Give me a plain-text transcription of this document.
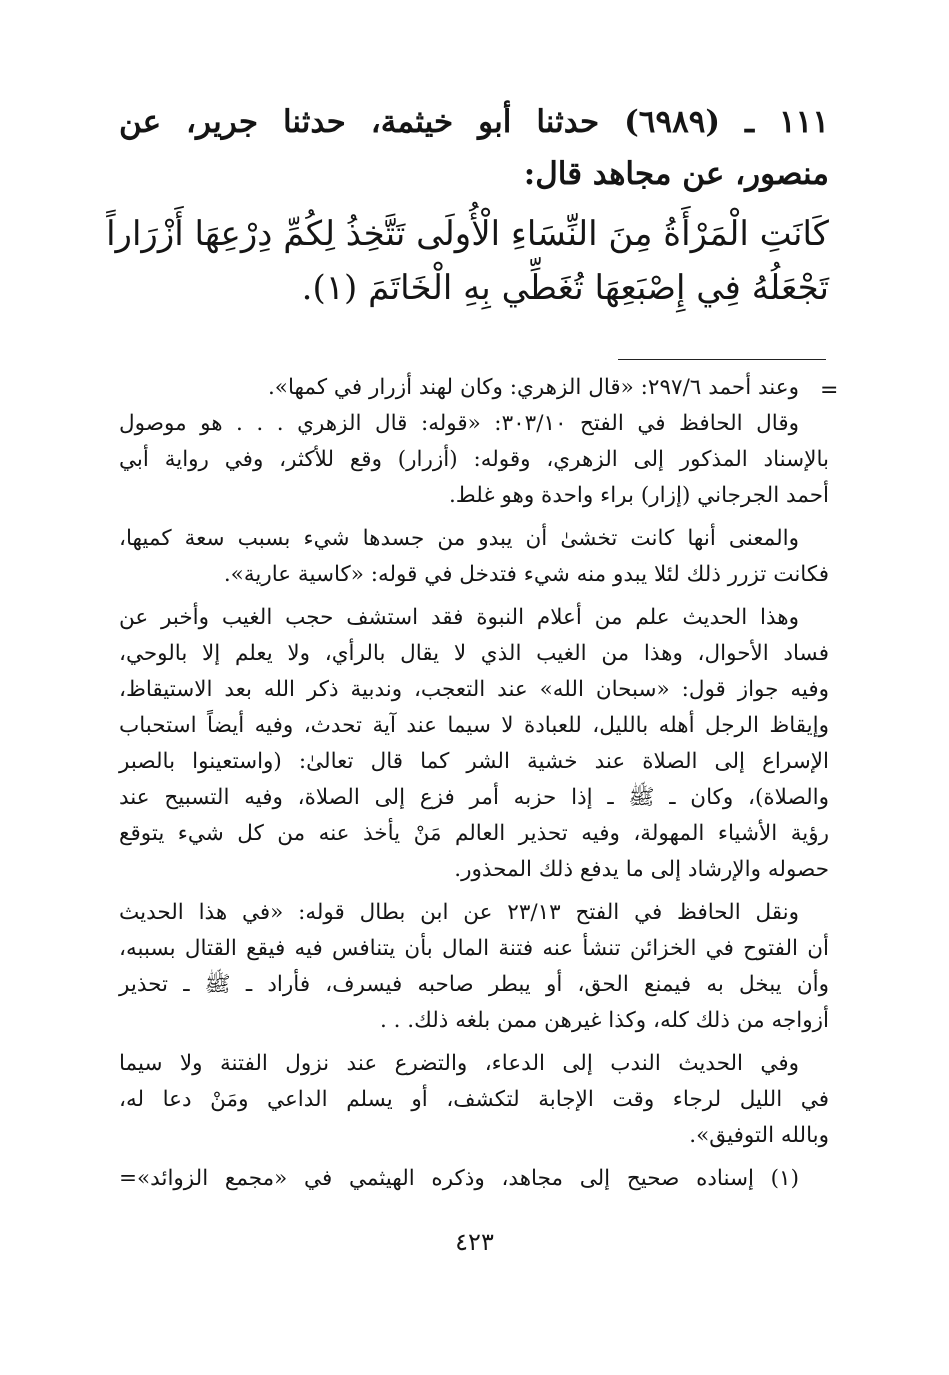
١١١ ـ (٦٩٨٩) حدثنا أبو خيثمة، حدثنا جرير، عن
منصور، عن مجاهد قال:
كَانَتِ الْمَرْأَةُ مِنَ النِّسَاءِ الْأُولَى تَتَّخِذُ لِكُمِّ دِرْعِهَا أَزْرَاراً
تَجْعَلُهُ فِي إِصْبَعِهَا تُغَطِّي بِهِ الْخَاتَمَ (١).
=
وعند أحمد ٢٩٧/٦: «قال الزهري: وكان لهند أزرار في كمها».
وقال الحافظ في الفتح ٣٠٣/١٠: «قوله: قال الزهري . . . هو موصول
بالإسناد المذكور إلى الزهري، وقوله: (أزرار) وقع للأكثر، وفي رواية أبي
أحمد الجرجاني (إزار) براء واحدة وهو غلط.
والمعنى أنها كانت تخشىٰ أن يبدو من جسدها شيء بسبب سعة كميها،
فكانت تزرر ذلك لئلا يبدو منه شيء فتدخل في قوله: «كاسية عارية».
وهذا الحديث علم من أعلام النبوة فقد استشف حجب الغيب وأخبر عن
فساد الأحوال، وهذا من الغيب الذي لا يقال بالرأي، ولا يعلم إلا بالوحي،
وفيه جواز قول: «سبحان الله» عند التعجب، وندبية ذكر الله بعد الاستيقاظ،
وإيقاظ الرجل أهله بالليل، للعبادة لا سيما عند آية تحدث، وفيه أيضاً استحباب
الإسراع إلى الصلاة عند خشية الشر كما قال تعالىٰ: (واستعينوا بالصبر
والصلاة)، وكان ـ ﷺ ـ إذا حزبه أمر فزع إلى الصلاة، وفيه التسبيح عند
رؤية الأشياء المهولة، وفيه تحذير العالم مَنْ يأخذ عنه من كل شيء يتوقع
حصوله والإرشاد إلى ما يدفع ذلك المحذور.
ونقل الحافظ في الفتح ٢٣/١٣ عن ابن بطال قوله: «في هذا الحديث
أن الفتوح في الخزائن تنشأ عنه فتنة المال بأن يتنافس فيه فيقع القتال بسببه،
وأن يبخل به فيمنع الحق، أو يبطر صاحبه فيسرف، فأراد ـ ﷺ ـ تحذير
أزواجه من ذلك كله، وكذا غيرهن ممن بلغه ذلك. . .
وفي الحديث الندب إلى الدعاء، والتضرع عند نزول الفتنة ولا سيما
في الليل لرجاء وقت الإجابة لتكشف، أو يسلم الداعي ومَنْ دعا له،
وبالله التوفيق».
(١) إسناده صحيح إلى مجاهد، وذكره الهيثمي في «مجمع الزوائد»=
٤٢٣
